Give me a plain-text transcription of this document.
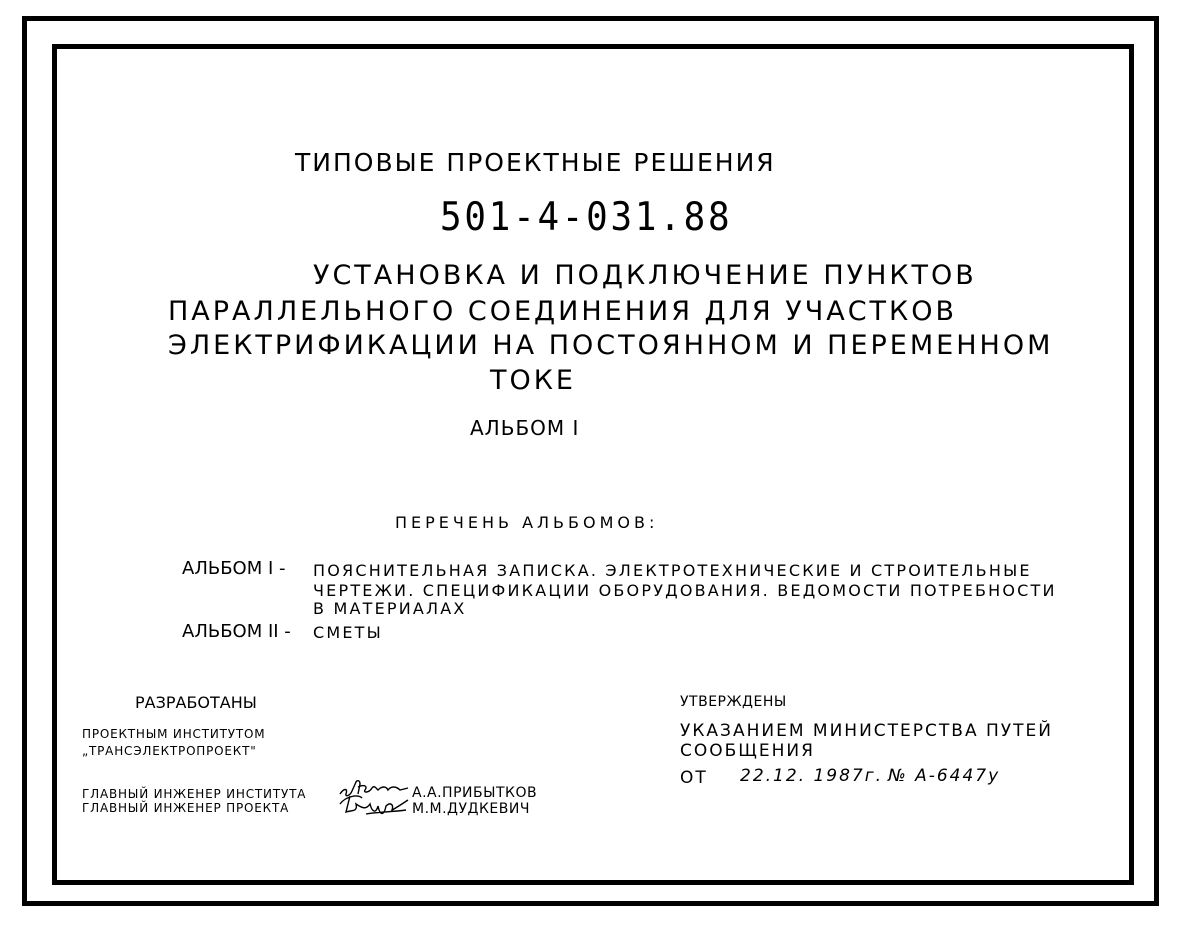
ТИПОВЫЕ ПРОЕКТНЫЕ РЕШЕНИЯ
501-4-031.88
УСТАНОВКА И ПОДКЛЮЧЕНИЕ ПУНКТОВ
ПАРАЛЛЕЛЬНОГО СОЕДИНЕНИЯ ДЛЯ УЧАСТКОВ
ЭЛЕКТРИФИКАЦИИ НА ПОСТОЯННОМ И ПЕРЕМЕННОМ
ТОКЕ
АЛЬБОМ I
ПЕРЕЧЕНЬ АЛЬБОМОВ:
АЛЬБОМ I - ПОЯСНИТЕЛЬНАЯ ЗАПИСКА. ЭЛЕКТРОТЕХНИЧЕСКИЕ И СТРОИТЕЛЬНЫЕ
ЧЕРТЕЖИ. СПЕЦИФИКАЦИИ ОБОРУДОВАНИЯ. ВЕДОМОСТИ ПОТРЕБНОСТИ
В МАТЕРИАЛАХ
АЛЬБОМ II - СМЕТЫ
РАЗРАБОТАНЫ
ПРОЕКТНЫМ ИНСТИТУТОМ
„ТРАНСЭЛЕКТРОПРОЕКТ"
ГЛАВНЫЙ ИНЖЕНЕР ИНСТИТУТА	А.А.ПРИБЫТКОВ
ГЛАВНЫЙ ИНЖЕНЕР ПРОЕКТА	М.М.ДУДКЕВИЧ
УТВЕРЖДЕНЫ
УКАЗАНИЕМ МИНИСТЕРСТВА ПУТЕЙ
СООБЩЕНИЯ
ОТ 22.12. 1987г. № А-6447у
